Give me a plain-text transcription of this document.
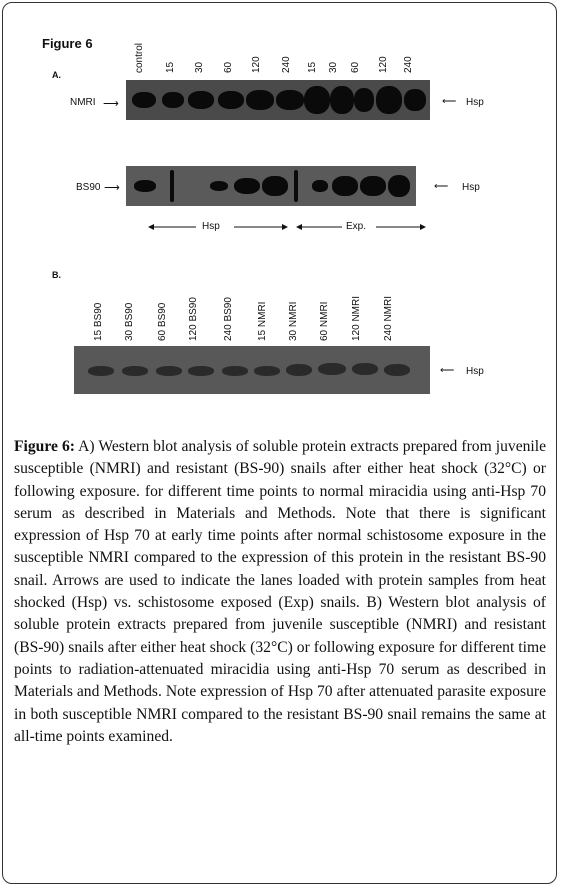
Figure 6
A.
control 15 30 60 120 240 15 30 60 120 240
NMRI ⟶	⟵ Hsp
BS90 ⟶	⟵ Hsp
Hsp	Exp.
B.
15 BS90 30 BS90 60 BS90 120 BS90 240 BS90 15 NMRI 30 NMRI 60 NMRI 120 NMRI 240 NMRI
⟵ Hsp
Figure 6: A) Western blot analysis of soluble protein extracts prepared from juvenile susceptible (NMRI) and resistant (BS-90) snails after either heat shock (32°C) or following exposure. for different time points to normal miracidia using anti-Hsp 70 serum as described in Materials and Methods. Note that there is significant expression of Hsp 70 at early time points after normal schistosome exposure in the susceptible NMRI compared to the expression of this protein in the resistant BS-90 snail. Arrows are used to indicate the lanes loaded with protein samples from heat shocked (Hsp) vs. schistosome exposed (Exp) snails. B) Western blot analysis of soluble protein extracts prepared from juvenile susceptible (NMRI) and resistant (BS-90) snails after either heat shock (32°C) or following exposure for different time points to radiation-attenuated miracidia using anti-Hsp 70 serum as described in Materials and Methods. Note expression of Hsp 70 after attenuated parasite exposure in both susceptible NMRI compared to the resistant BS-90 snail remains the same at all-time points examined.
